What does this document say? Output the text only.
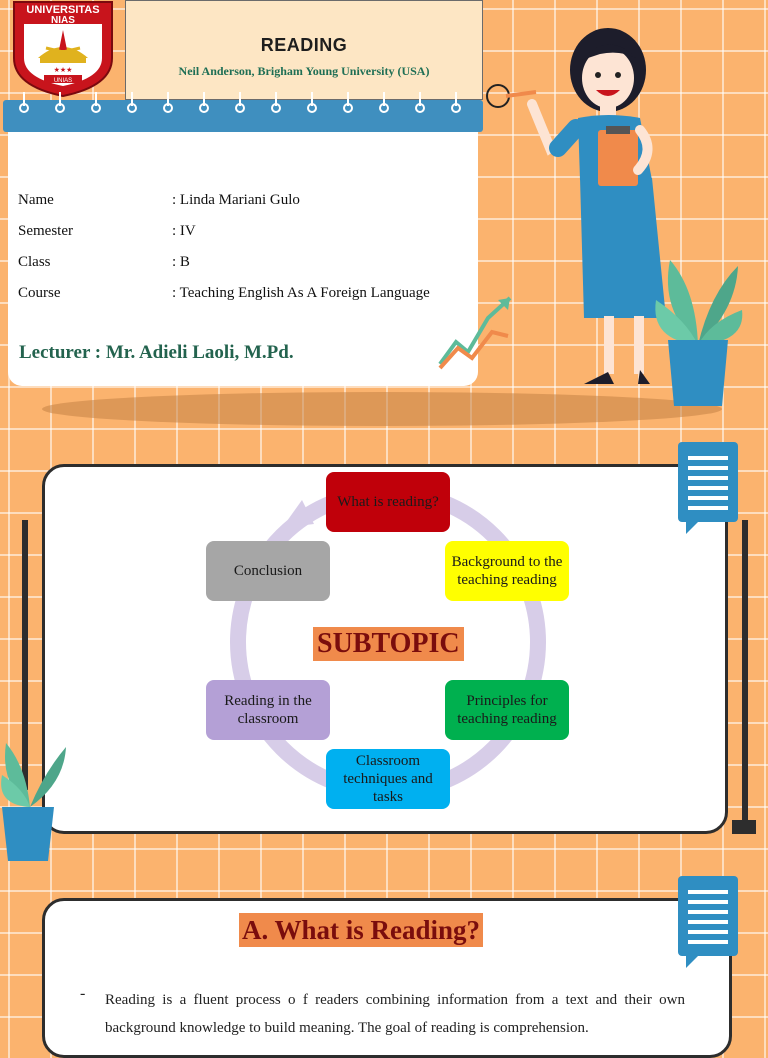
UNIVERSITAS
NIAS
★★★
UNIAS
READING
Neil Anderson, Brigham Young University (USA)
Name	: Linda Mariani Gulo
Semester	: IV
Class	: B
Course	: Teaching English As A Foreign Language
Lecturer : Mr. Adieli Laoli, M.Pd.
What is reading?
Background to the teaching reading
Principles for teaching reading
Classroom techniques and tasks
Reading in the classroom
Conclusion
SUBTOPIC
A. What is Reading?
- Reading is a fluent process o f readers combining information from a text and their own background knowledge to build meaning. The goal of reading is comprehension.
